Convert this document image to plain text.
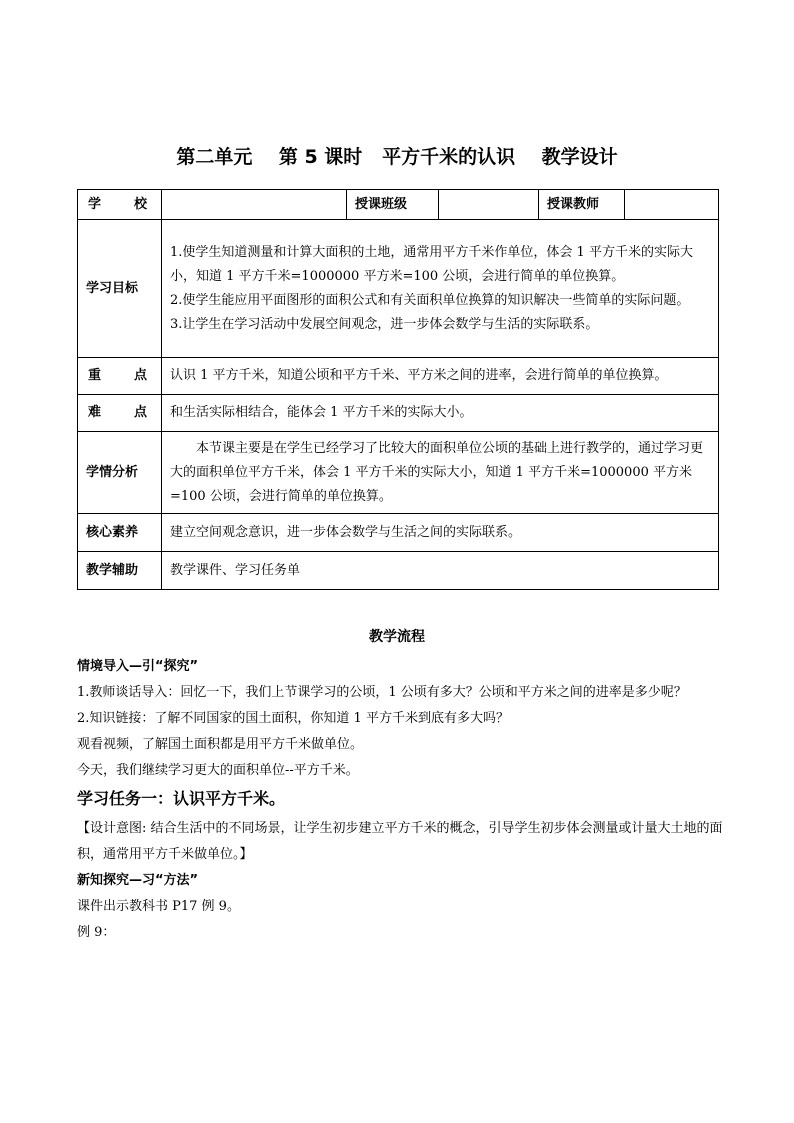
第二单元    第 5 课时   平方千米的认识    教学设计
学 校		授课班级		授课教师	
学习目标	1.使学生知道测量和计算大面积的土地，通常用平方千米作单位，体会 1 平方千米的实际大小，知道 1 平方千米=1000000 平方米=100 公顷，会进行简单的单位换算。
2.使学生能应用平面图形的面积公式和有关面积单位换算的知识解决一些简单的实际问题。
3.让学生在学习活动中发展空间观念，进一步体会数学与生活的实际联系。				

重 点	认识 1 平方千米，知道公顷和平方千米、平方米之间的进率，会进行简单的单位换算。				
难 点	和生活实际相结合，能体会 1 平方千米的实际大小。				
学情分析	本节课主要是在学生已经学习了比较大的面积单位公顷的基础上进行教学的，通过学习更大的面积单位平方千米，体会 1 平方千米的实际大小，知道 1 平方千米=1000000 平方米=100 公顷，会进行简单的单位换算。				
核心素养	建立空间观念意识，进一步体会数学与生活之间的实际联系。				
教学辅助	教学课件、学习任务单				
教学流程
情境导入—引“探究”
1.教师谈话导入：回忆一下，我们上节课学习的公顷，1 公顷有多大？公顷和平方米之间的进率是多少呢？
2.知识链接：了解不同国家的国土面积，你知道 1 平方千米到底有多大吗？
观看视频，了解国土面积都是用平方千米做单位。
今天，我们继续学习更大的面积单位--平方千米。
学习任务一：认识平方千米。
【设计意图: 结合生活中的不同场景，让学生初步建立平方千米的概念，引导学生初步体会测量或计量大土地的面积，通常用平方千米做单位。】
新知探究—习“方法”
课件出示教科书 P17 例 9。
例 9：
